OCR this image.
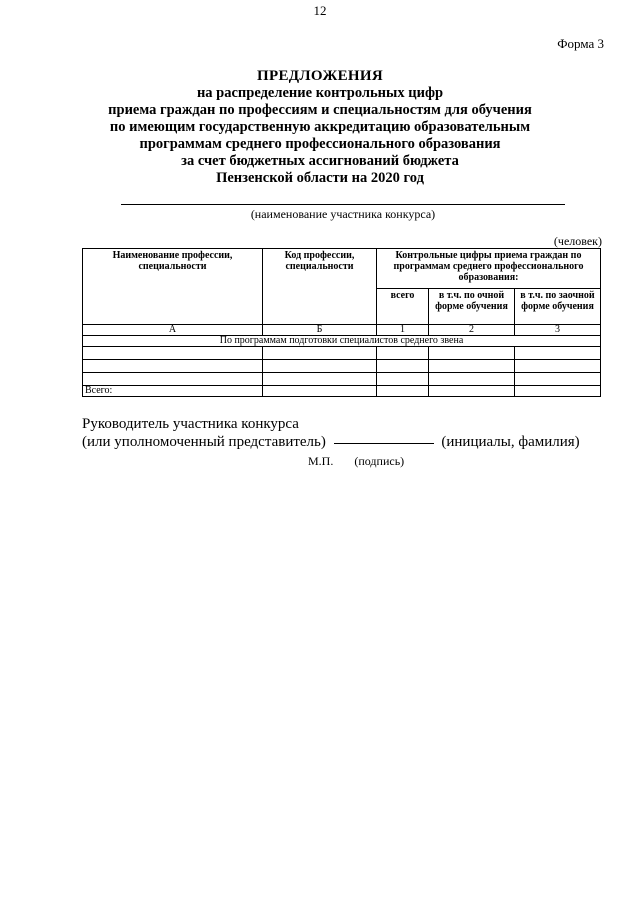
12
Форма 3
ПРЕДЛОЖЕНИЯ
на распределение контрольных цифр
приема граждан по профессиям и специальностям для обучения
по имеющим государственную аккредитацию образовательным
программам среднего профессионального образования
за счет бюджетных ассигнований бюджета
Пензенской области на 2020 год
(наименование участника конкурса)
(человек)
Наименование профессии, специальности	Код профессии, специальности	Контрольные цифры приема граждан по программам среднего профессионального образования:		
		всего	в т.ч. по очной форме обучения	в т.ч. по заочной форме обучения
А	Б	1	2	3
По программам подготовки специалистов среднего звена				

Всего:				
Руководитель участника конкурса
(или уполномоченный представитель)	(инициалы, фамилия)
М.П. (подпись)
